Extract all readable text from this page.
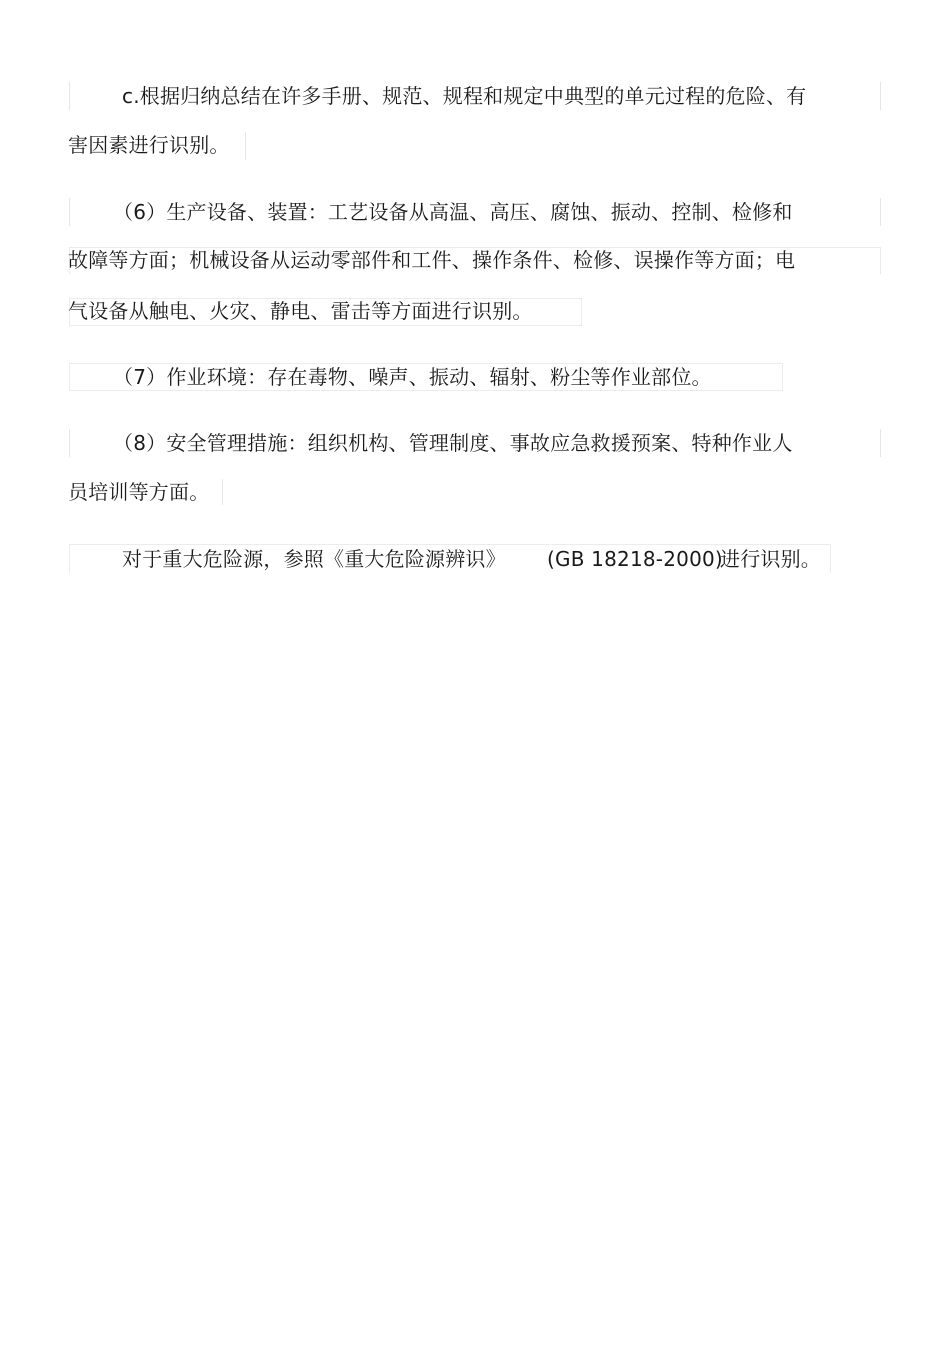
c.根据归纳总结在许多手册、规范、规程和规定中典型的单元过程的危险、有
害因素进行识别。
（6）生产设备、装置：工艺设备从高温、高压、腐蚀、振动、控制、检修和
故障等方面；机械设备从运动零部件和工件、操作条件、检修、误操作等方面；电
气设备从触电、火灾、静电、雷击等方面进行识别。
（7）作业环境：存在毒物、噪声、振动、辐射、粉尘等作业部位。
（8）安全管理措施：组织机构、管理制度、事故应急救援预案、特种作业人
员培训等方面。
对于重大危险源，参照《重大危险源辨识》 (GB 18218-2000)
进行识别。
